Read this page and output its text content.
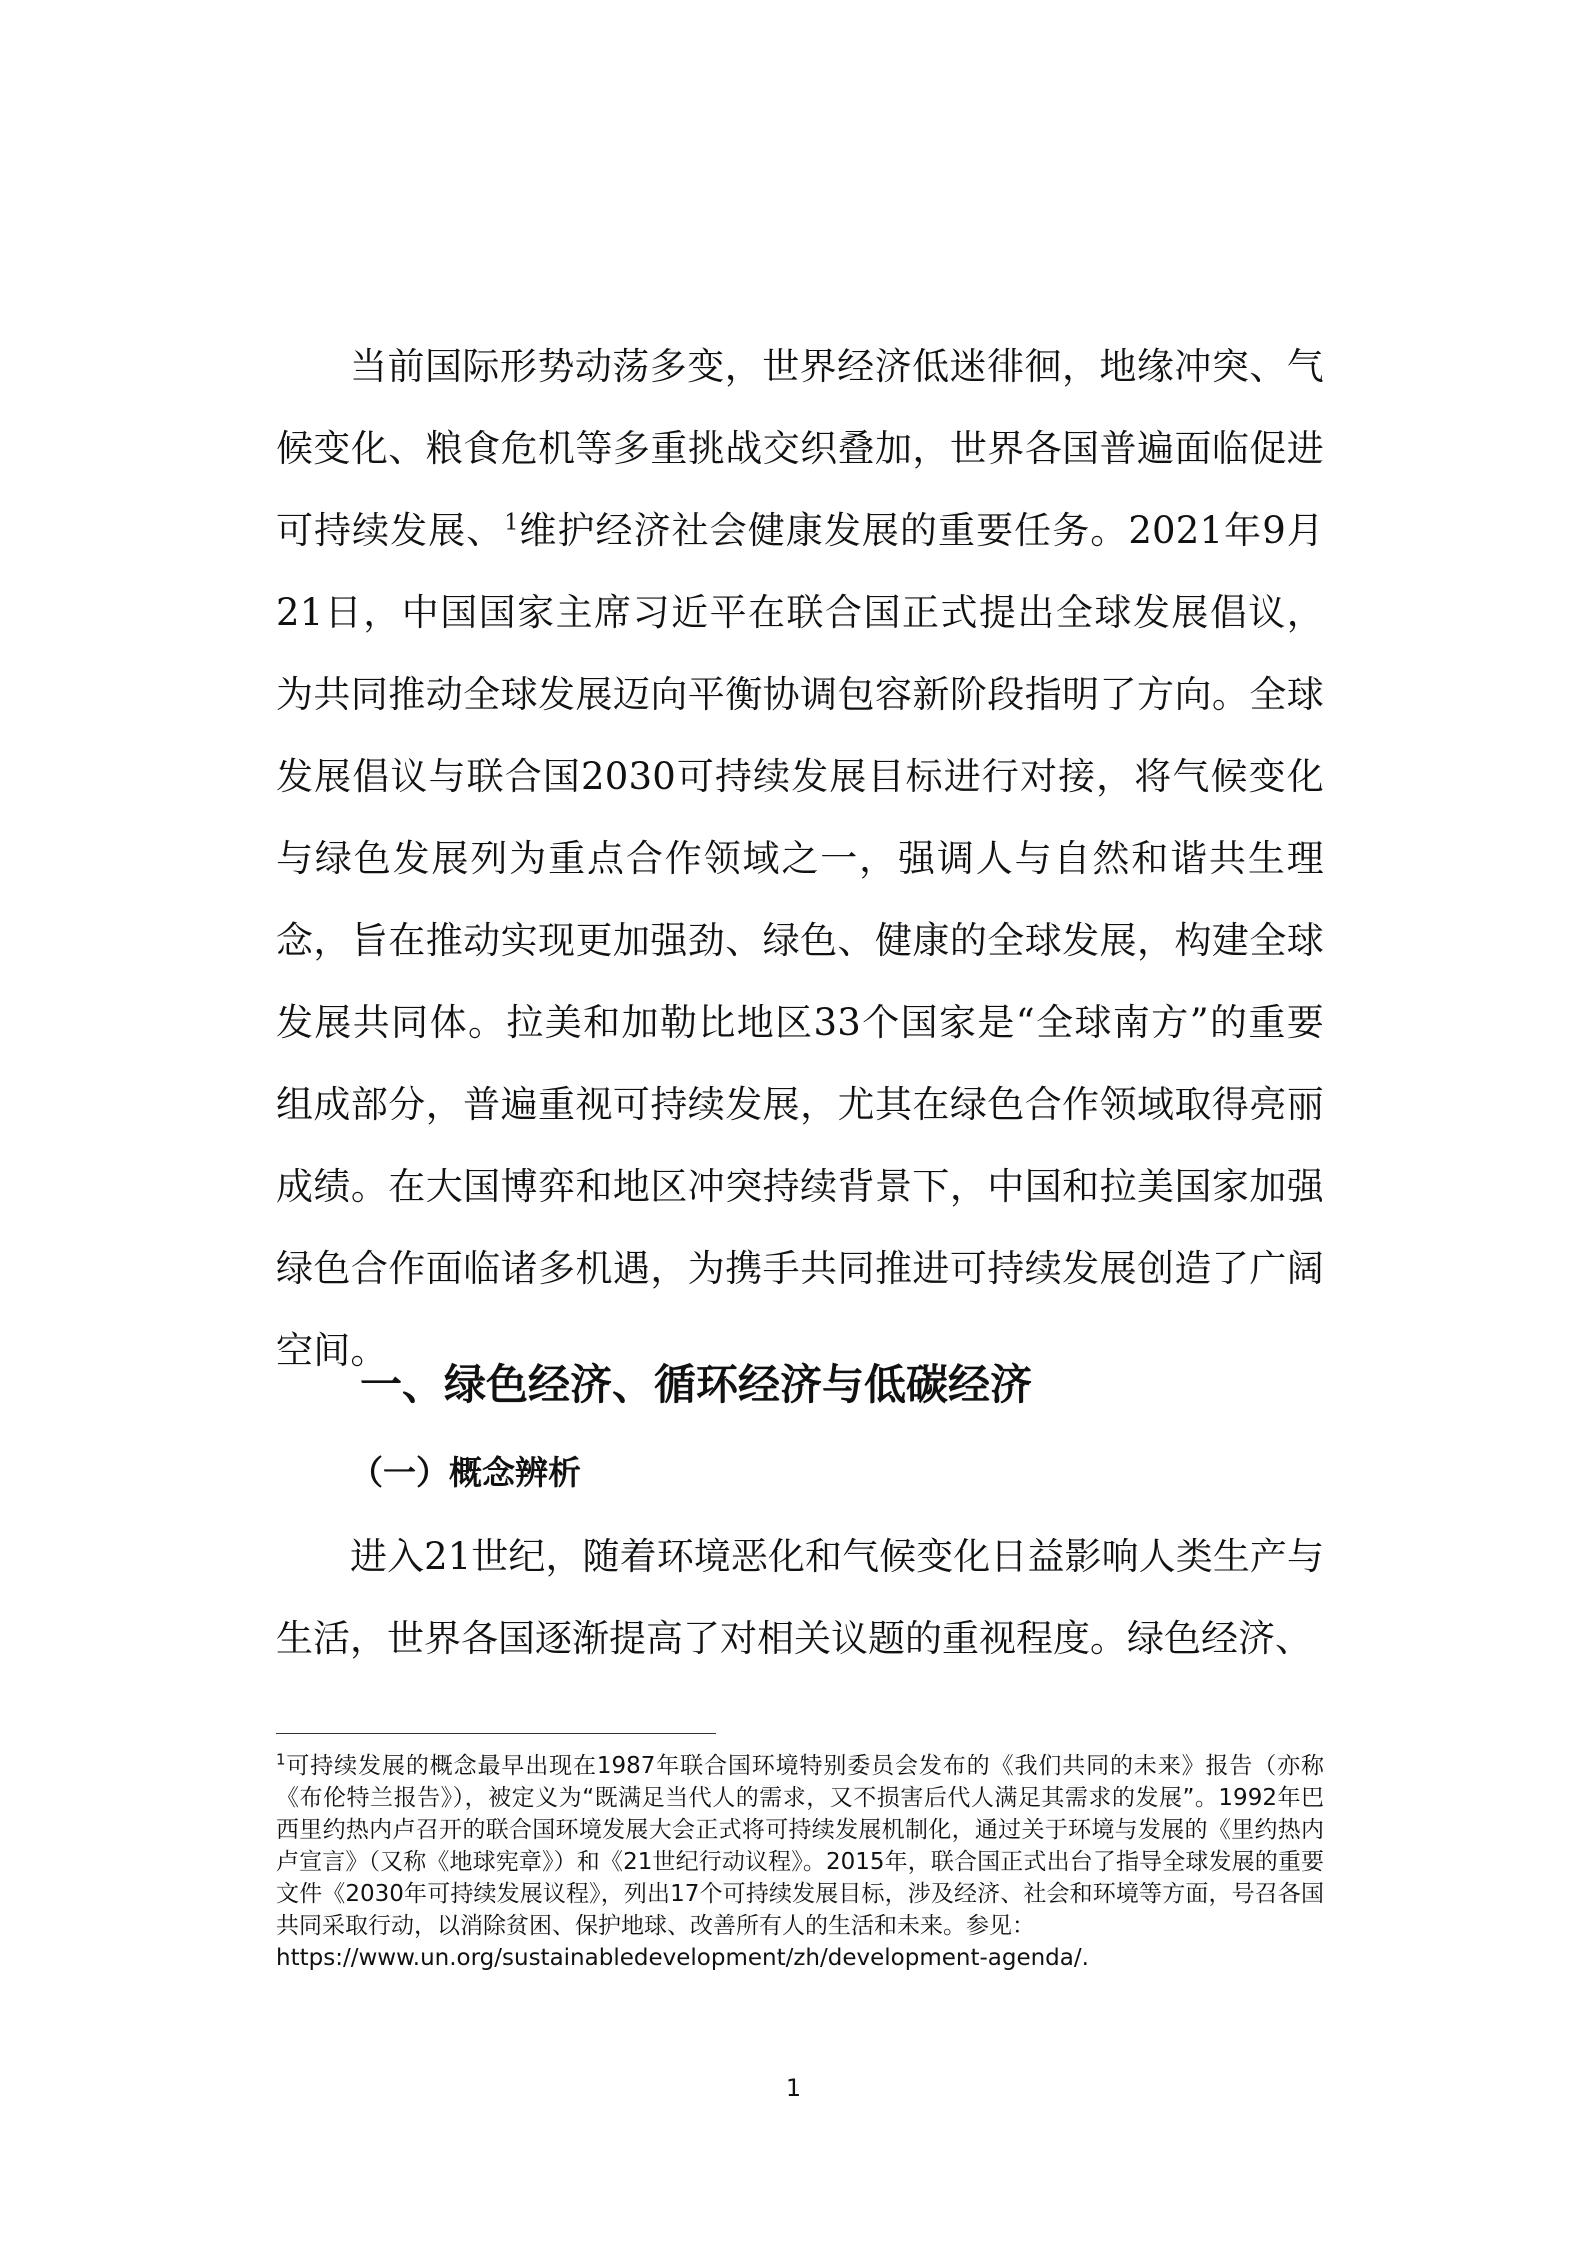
当前国际形势动荡多变，世界经济低迷徘徊，地缘冲突、气候变化、粮食危机等多重挑战交织叠加，世界各国普遍面临促进可持续发展、$^1$维护经济社会健康发展的重要任务。2021年9月21日，中国国家主席习近平在联合国正式提出全球发展倡议，为共同推动全球发展迈向平衡协调包容新阶段指明了方向。全球发展倡议与联合国2030可持续发展目标进行对接，将气候变化与绿色发展列为重点合作领域之一，强调人与自然和谐共生理念，旨在推动实现更加强劲、绿色、健康的全球发展，构建全球发展共同体。拉美和加勒比地区33个国家是“全球南方”的重要组成部分，普遍重视可持续发展，尤其在绿色合作领域取得亮丽成绩。在大国博弈和地区冲突持续背景下，中国和拉美国家加强绿色合作面临诸多机遇，为携手共同推进可持续发展创造了广阔空间。

一、绿色经济、循环经济与低碳经济
（一）概念辨析

进入21世纪，随着环境恶化和气候变化日益影响人类生产与生活，世界各国逐渐提高了对相关议题的重视程度。绿色经济、

$^1$可持续发展的概念最早出现在1987年联合国环境特别委员会发布的《我们共同的未来》报告（亦称《布伦特兰报告》），被定义为“既满足当代人的需求，又不损害后代人满足其需求的发展”。1992年巴西里约热内卢召开的联合国环境发展大会正式将可持续发展机制化，通过关于环境与发展的《里约热内卢宣言》（又称《地球宪章》）和《21世纪行动议程》。2015年，联合国正式出台了指导全球发展的重要文件《2030年可持续发展议程》，列出17个可持续发展目标，涉及经济、社会和环境等方面，号召各国共同采取行动，以消除贫困、保护地球、改善所有人的生活和未来。参见：
https://www.un.org/sustainabledevelopment/zh/development-agenda/.

1
